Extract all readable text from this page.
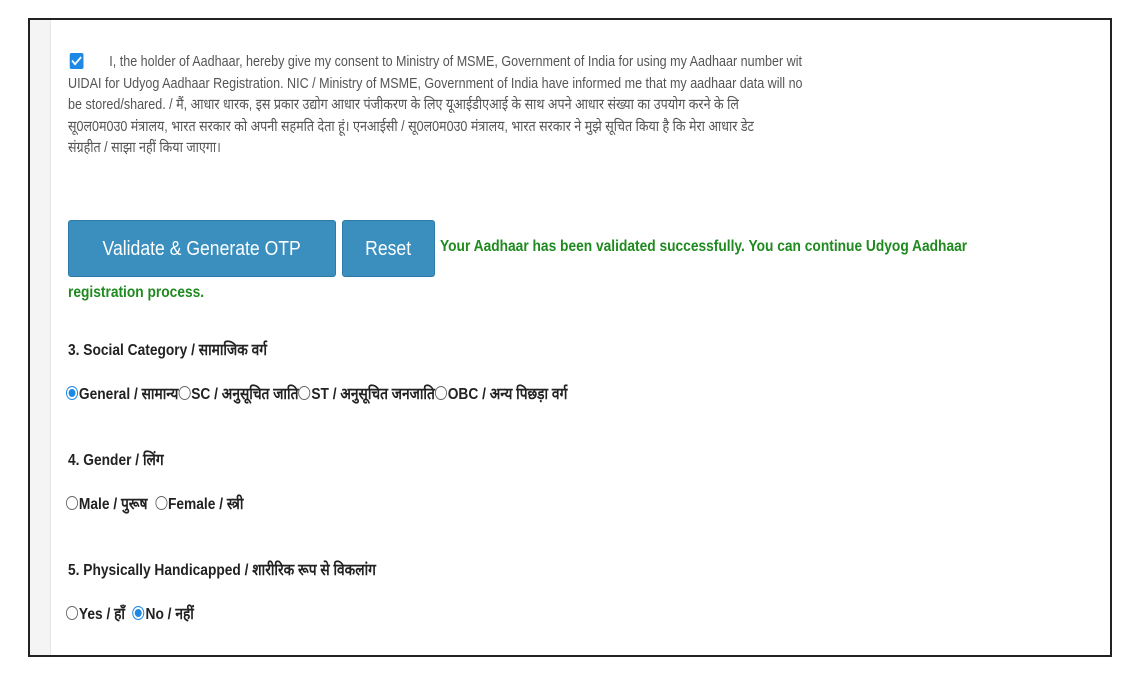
I, the holder of Aadhaar, hereby give my consent to Ministry of MSME, Government of India for using my Aadhaar number wit
UIDAI for Udyog Aadhaar Registration. NIC / Ministry of MSME, Government of India have informed me that my aadhaar data will no
be stored/shared. / मैं, आधार धारक, इस प्रकार उद्योग आधार पंजीकरण के लिए यूआईडीएआई के साथ अपने आधार संख्या का उपयोग करने के लि
सू0ल0म0उ0 मंत्रालय, भारत सरकार को अपनी सहमति देता हूं। एनआईसी / सू0ल0म0उ0 मंत्रालय, भारत सरकार ने मुझे सूचित किया है कि मेरा आधार डेट
संग्रहीत / साझा नहीं किया जाएगा।
Validate & Generate OTP	Reset	Your Aadhaar has been validated successfully. You can continue Udyog Aadhaar
registration process.
3. Social Category / सामाजिक वर्ग
General / सामान्य SC / अनुसूचित जाति ST / अनुसूचित जनजाति OBC / अन्य पिछड़ा वर्ग
4. Gender / लिंग
Male / पुरूष Female / स्त्री
5. Physically Handicapped / शारीरिक रूप से विकलांग
Yes / हाँ No / नहीं
